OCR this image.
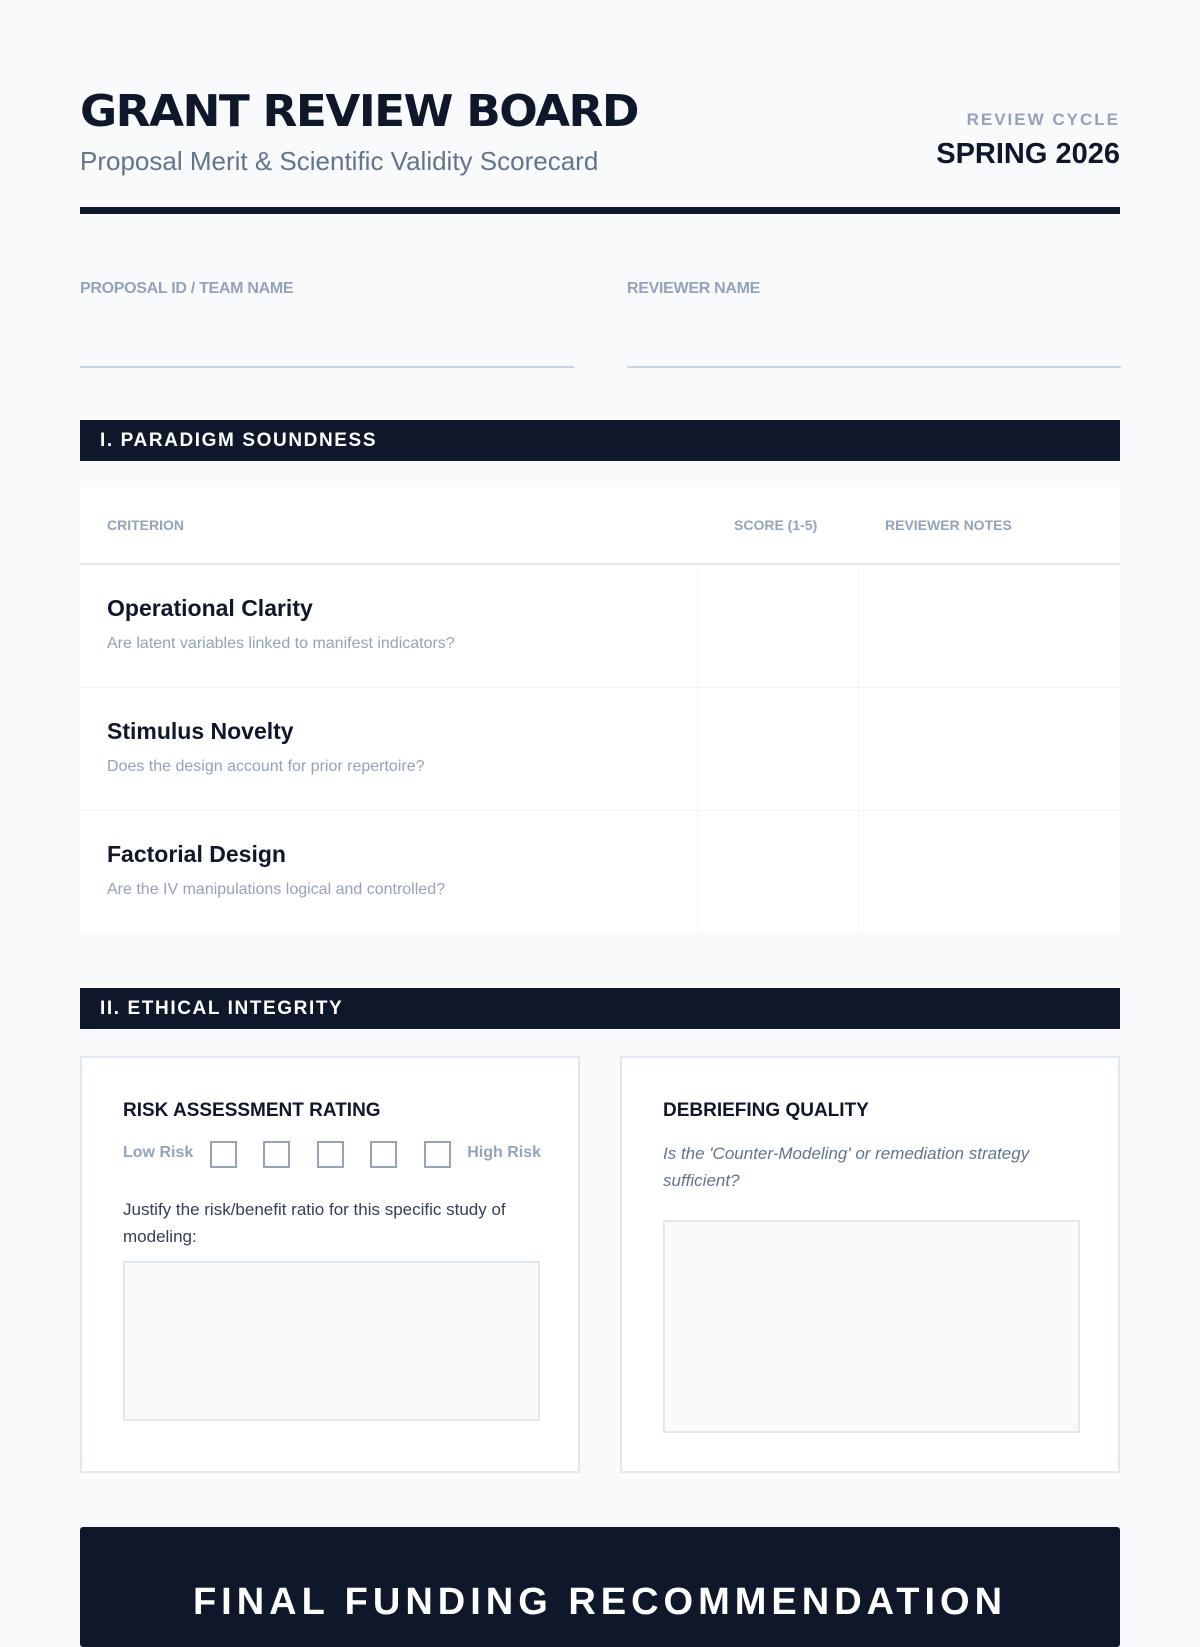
GRANT REVIEW BOARD
Proposal Merit & Scientific Validity Scorecard
REVIEW CYCLE
SPRING 2026
PROPOSAL ID / TEAM NAME	REVIEWER NAME
I. PARADIGM SOUNDNESS
CRITERION	SCORE (1-5)	REVIEWER NOTES
Operational Clarity
Are latent variables linked to manifest indicators?
Stimulus Novelty
Does the design account for prior repertoire?
Factorial Design
Are the IV manipulations logical and controlled?
II. ETHICAL INTEGRITY
RISK ASSESSMENT RATING
Low Risk	High Risk
Justify the risk/benefit ratio for this specific study of modeling:
DEBRIEFING QUALITY
Is the 'Counter-Modeling' or remediation strategy sufficient?
FINAL FUNDING RECOMMENDATION
